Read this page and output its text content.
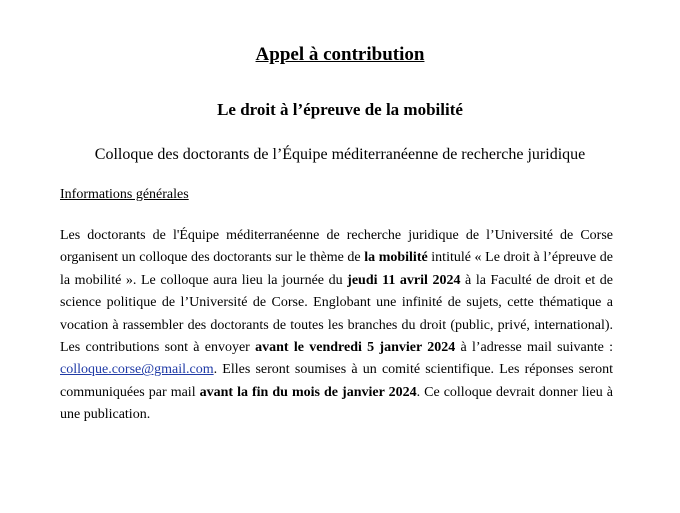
Appel à contribution
Le droit à l’épreuve de la mobilité
Colloque des doctorants de l’Équipe méditerranéenne de recherche juridique
Informations générales
Les doctorants de l'Équipe méditerranéenne de recherche juridique de l’Université de Corse organisent un colloque des doctorants sur le thème de la mobilité intitulé « Le droit à l’épreuve de la mobilité ». Le colloque aura lieu la journée du jeudi 11 avril 2024 à la Faculté de droit et de science politique de l’Université de Corse. Englobant une infinité de sujets, cette thématique a vocation à rassembler des doctorants de toutes les branches du droit (public, privé, international). Les contributions sont à envoyer avant le vendredi 5 janvier 2024 à l’adresse mail suivante : colloque.corse@gmail.com. Elles seront soumises à un comité scientifique. Les réponses seront communiquées par mail avant la fin du mois de janvier 2024. Ce colloque devrait donner lieu à une publication.
